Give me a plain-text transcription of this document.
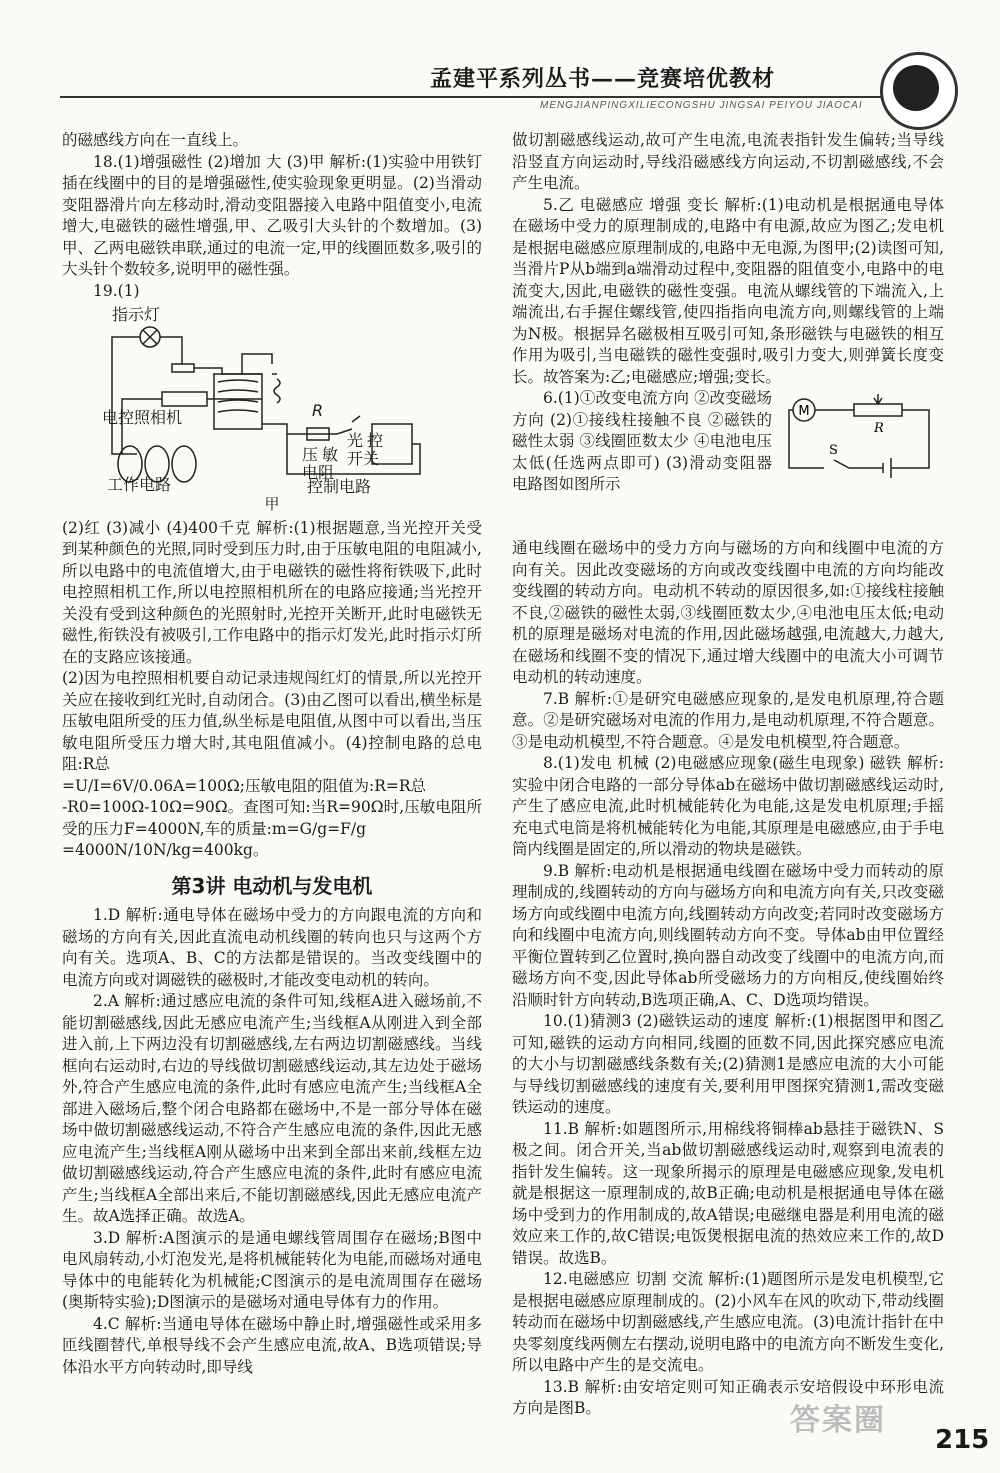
孟建平系列丛书——竞赛培优教材
MENGJIANPINGXILIECONGSHU JINGSAI PEIYOU JIAOCAI

的磁感线方向在一直线上。

18.(1)增强磁性 (2)增加 大 (3)甲 解析:(1)实验中用铁钉插在线圈中的目的是增强磁性,使实验现象更明显。(2)当滑动变阻器滑片向左移动时,滑动变阻器接入电路中阻值变小,电流增大,电磁铁的磁性增强,甲、乙吸引大头针的个数增加。(3)甲、乙两电磁铁串联,通过的电流一定,甲的线圈匝数多,吸引的大头针个数较多,说明甲的磁性强。

19.(1)

指示灯
电控照相机
工作电路
R
压敏电阻
光控开关
控制电路

甲

(2)红 (3)减小 (4)400千克 解析:(1)根据题意,当光控开关受到某种颜色的光照,同时受到压力时,由于压敏电阻的电阻减小,所以电路中的电流值增大,由于电磁铁的磁性将衔铁吸下,此时电控照相机工作,所以电控照相机所在的电路应接通;当光控开关没有受到这种颜色的光照射时,光控开关断开,此时电磁铁无磁性,衔铁没有被吸引,工作电路中的指示灯发光,此时指示灯所在的支路应该接通。

(2)因为电控照相机要自动记录违规闯红灯的情景,所以光控开关应在接收到红光时,自动闭合。(3)由乙图可以看出,横坐标是压敏电阻所受的压力值,纵坐标是电阻值,从图中可以看出,当压敏电阻所受压力增大时,其电阻值减小。(4)控制电路的总电阻:R总

=U/I=6V/0.06A=100Ω;压敏电阻的阻值为:R=R总

-R0=100Ω-10Ω=90Ω。查图可知:当R=90Ω时,压敏电阻所受的压力F=4000N,车的质量:m=G/g=F/g

=4000N/10N/kg=400kg。

第3讲 电动机与发电机

1.D 解析:通电导体在磁场中受力的方向跟电流的方向和磁场的方向有关,因此直流电动机线圈的转向也只与这两个方向有关。选项A、B、C的方法都是错误的。当改变线圈中的电流方向或对调磁铁的磁极时,才能改变电动机的转向。

2.A 解析:通过感应电流的条件可知,线框A进入磁场前,不能切割磁感线,因此无感应电流产生;当线框A从刚进入到全部进入前,上下两边没有切割磁感线,左右两边切割磁感线。当线框向右运动时,右边的导线做切割磁感线运动,其左边处于磁场外,符合产生感应电流的条件,此时有感应电流产生;当线框A全部进入磁场后,整个闭合电路都在磁场中,不是一部分导体在磁场中做切割磁感线运动,不符合产生感应电流的条件,因此无感应电流产生;当线框A刚从磁场中出来到全部出来前,线框左边做切割磁感线运动,符合产生感应电流的条件,此时有感应电流产生;当线框A全部出来后,不能切割磁感线,因此无感应电流产生。故A选择正确。故选A。

3.D 解析:A图演示的是通电螺线管周围存在磁场;B图中电风扇转动,小灯泡发光,是将机械能转化为电能,而磁场对通电导体中的电能转化为机械能;C图演示的是电流周围存在磁场(奥斯特实验);D图演示的是磁场对通电导体有力的作用。

4.C 解析:当通电导体在磁场中静止时,增强磁性或采用多匝线圈替代,单根导线不会产生感应电流,故A、B选项错误;导体沿水平方向转动时,即导线

做切割磁感线运动,故可产生电流,电流表指针发生偏转;当导线沿竖直方向运动时,导线沿磁感线方向运动,不切割磁感线,不会产生电流。

5.乙 电磁感应 增强 变长 解析:(1)电动机是根据通电导体在磁场中受力的原理制成的,电路中有电源,故应为图乙;发电机是根据电磁感应原理制成的,电路中无电源,为图甲;(2)读图可知,当滑片P从b端到a端滑动过程中,变阻器的阻值变小,电路中的电流变大,因此,电磁铁的磁性变强。电流从螺线管的下端流入,上端流出,右手握住螺线管,使四指指向电流方向,则螺线管的上端为N极。根据异名磁极相互吸引可知,条形磁铁与电磁铁的相互作用为吸引,当电磁铁的磁性变强时,吸引力变大,则弹簧长度变长。故答案为:乙;电磁感应;增强;变长。

6.(1)①改变电流方向 ②改变磁场方向 (2)①接线柱接触不良 ②磁铁的磁性太弱 ③线圈匝数太少 ④电池电压太低(任选两点即可) (3)滑动变阻器 电路图如图所示

M
R
S

通电线圈在磁场中的受力方向与磁场的方向和线圈中电流的方向有关。因此改变磁场的方向或改变线圈中电流的方向均能改变线圈的转动方向。电动机不转动的原因很多,如:①接线柱接触不良,②磁铁的磁性太弱,③线圈匝数太少,④电池电压太低;电动机的原理是磁场对电流的作用,因此磁场越强,电流越大,力越大,在磁场和线圈不变的情况下,通过增大线圈中的电流大小可调节电动机的转动速度。

7.B 解析:①是研究电磁感应现象的,是发电机原理,符合题意。②是研究磁场对电流的作用力,是电动机原理,不符合题意。③是电动机模型,不符合题意。④是发电机模型,符合题意。

8.(1)发电 机械 (2)电磁感应现象(磁生电现象) 磁铁 解析:实验中闭合电路的一部分导体ab在磁场中做切割磁感线运动时,产生了感应电流,此时机械能转化为电能,这是发电机原理;手摇充电式电筒是将机械能转化为电能,其原理是电磁感应,由于手电筒内线圈是固定的,所以滑动的物块是磁铁。

9.B 解析:电动机是根据通电线圈在磁场中受力而转动的原理制成的,线圈转动的方向与磁场方向和电流方向有关,只改变磁场方向或线圈中电流方向,线圈转动方向改变;若同时改变磁场方向和线圈中电流方向,则线圈转动方向不变。导体ab由甲位置经平衡位置转到乙位置时,换向器自动改变了线圈中的电流方向,而磁场方向不变,因此导体ab所受磁场力的方向相反,使线圈始终沿顺时针方向转动,B选项正确,A、C、D选项均错误。

10.(1)猜测3 (2)磁铁运动的速度 解析:(1)根据图甲和图乙可知,磁铁的运动方向相同,线圈的匝数不同,因此探究感应电流的大小与切割磁感线条数有关;(2)猜测1是感应电流的大小可能与导线切割磁感线的速度有关,要利用甲图探究猜测1,需改变磁铁运动的速度。

11.B 解析:如题图所示,用棉线将铜棒ab悬挂于磁铁N、S极之间。闭合开关,当ab做切割磁感线运动时,观察到电流表的指针发生偏转。这一现象所揭示的原理是电磁感应现象,发电机就是根据这一原理制成的,故B正确;电动机是根据通电导体在磁场中受到力的作用制成的,故A错误;电磁继电器是利用电流的磁效应来工作的,故C错误;电饭煲根据电流的热效应来工作的,故D错误。故选B。

12.电磁感应 切割 交流 解析:(1)题图所示是发电机模型,它是根据电磁感应原理制成的。(2)小风车在风的吹动下,带动线圈转动而在磁场中切割磁感线,产生感应电流。(3)电流计指针在中央零刻度线两侧左右摆动,说明电路中的电流方向不断发生变化,所以电路中产生的是交流电。

13.B 解析:由安培定则可知正确表示安培假设中环形电流方向是图B。	答案圈
215
